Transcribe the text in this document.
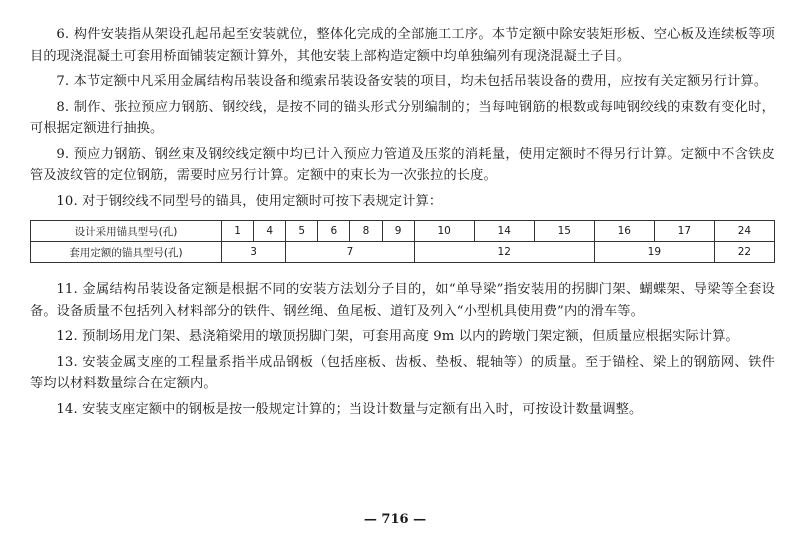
6. 构件安装指从架设孔起吊起至安装就位，整体化完成的全部施工工序。本节定额中除安装矩形板、空心板及连续板等项目的现浇混凝土可套用桥面铺装定额计算外，其他安装上部构造定额中均单独编列有现浇混凝土子目。

7. 本节定额中凡采用金属结构吊装设备和缆索吊装设备安装的项目，均未包括吊装设备的费用，应按有关定额另行计算。

8. 制作、张拉预应力钢筋、钢绞线，是按不同的锚头形式分别编制的；当每吨钢筋的根数或每吨钢绞线的束数有变化时，可根据定额进行抽换。

9. 预应力钢筋、钢丝束及钢绞线定额中均已计入预应力管道及压浆的消耗量，使用定额时不得另行计算。定额中不含铁皮管及波纹管的定位钢筋，需要时应另行计算。定额中的束长为一次张拉的长度。

10. 对于钢绞线不同型号的锚具，使用定额时可按下表规定计算：

设计采用锚具型号(孔)	1	4	5	6	8	9	10	14	15	16	17	24
套用定额的锚具型号(孔)	3		7				12			19		22

11. 金属结构吊装设备定额是根据不同的安装方法划分子目的，如“单导梁”指安装用的拐脚门架、蝴蝶架、导梁等全套设备。设备质量不包括列入材料部分的铁件、钢丝绳、鱼尾板、道钉及列入“小型机具使用费”内的滑车等。

12. 预制场用龙门架、悬浇箱梁用的墩顶拐脚门架，可套用高度 9m 以内的跨墩门架定额，但质量应根据实际计算。

13. 安装金属支座的工程量系指半成品钢板（包括座板、齿板、垫板、辊轴等）的质量。至于锚栓、梁上的钢筋网、铁件等均以材料数量综合在定额内。

14. 安装支座定额中的钢板是按一般规定计算的；当设计数量与定额有出入时，可按设计数量调整。

— 716 —
